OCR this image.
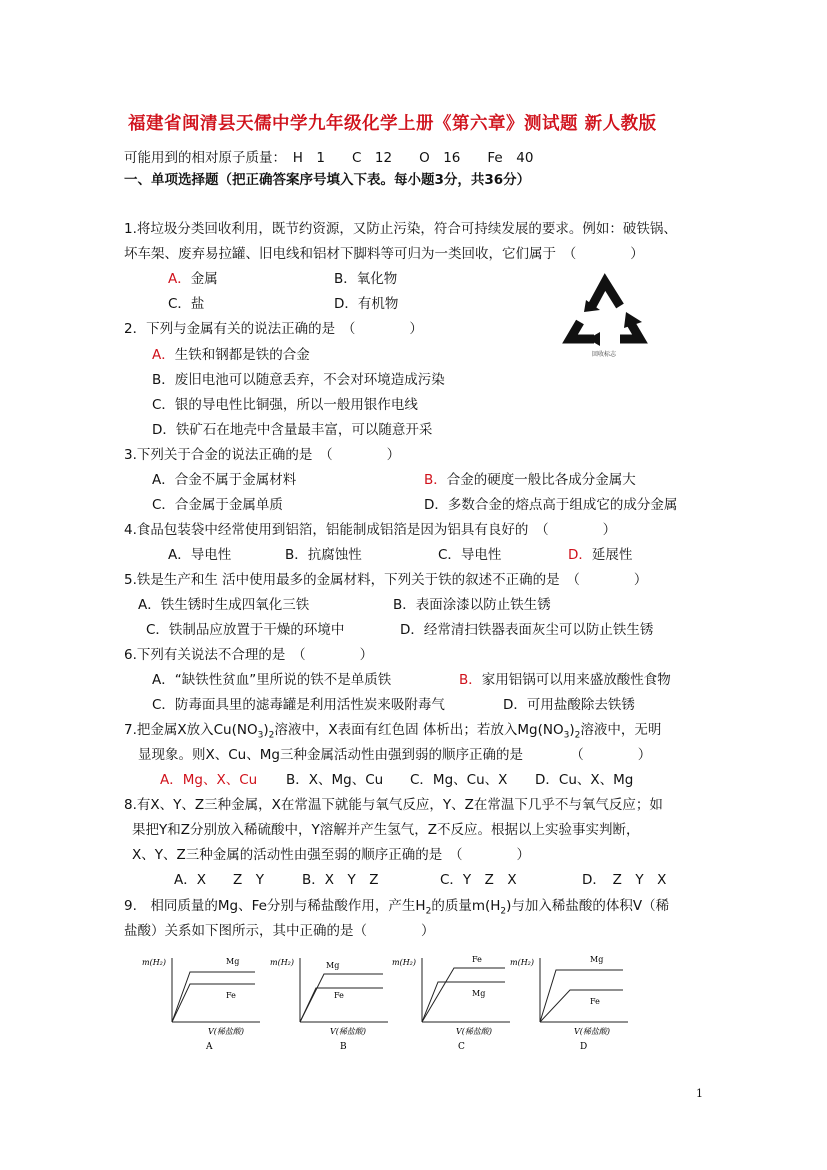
福建省闽清县天儒中学九年级化学上册《第六章》测试题 新人教版
可能用到的相对原子质量：　H　1　　C　12　　O　16　　Fe　40
一、单项选择题（把正确答案序号填入下表。每小题3分，共36分）
1.将垃圾分类回收利用，既节约资源，又防止污染，符合可持续发展的要求。例如：破铁锅、
坏车架、废弃易拉罐、旧电线和铝材下脚料等可归为一类回收，它们属于　（　　　　）
A．金属	B．氧化物
C．盐	D．有机物
回收标志
2．下列与金属有关的说法正确的是　（　　　　）
A．生铁和钢都是铁的合金
B．废旧电池可以随意丢弃，不会对环境造成污染
C．银的导电性比铜强，所以一般用银作电线
D．铁矿石在地壳中含量最丰富，可以随意开采
3.下列关于合金的说法正确的是　（　　　　）
A．合金不属于金属材料	B．合金的硬度一般比各成分金属大
C．合金属于金属单质	D．多数合金的熔点高于组成它的成分金属
4.食品包装袋中经常使用到铝箔，铝能制成铝箔是因为铝具有良好的　（　　　　）
A．导电性	B．抗腐蚀性	C．导电性	D．延展性
5.铁是生产和生 活中使用最多的金属材料，下列关于铁的叙述不正确的是　（　　　　）
A．铁生锈时生成四氧化三铁	B．表面涂漆以防止铁生锈
C．铁制品应放置于干燥的环境中	D．经常清扫铁器表面灰尘可以防止铁生锈
6.下列有关说法不合理的是　（　　　　）
A．“缺铁性贫血”里所说的铁不是单质铁	B．家用铝锅可以用来盛放酸性食物
C．防毒面具里的滤毒罐是利用活性炭来吸附毒气	D．可用盐酸除去铁锈
7.把金属X放入$Cu(NO_3)_2$溶液中，X表面有红色固 体析出；若放入$Mg(NO_3)_2$溶液中，无明
显现象。则X、Cu、Mg三种金属活动性由强到弱的顺序正确的是　　　　（　　　　）
A．Mg、X、Cu B．X、Mg、Cu C．Mg、Cu、X D．Cu、X、Mg
8.有X、Y、Z三种金属，X在常温下就能与氧气反应，Y、Z在常温下几乎不与氧气反应；如
果把Y和Z分别放入稀硫酸中，Y溶解并产生氢气，Z不反应。根据以上实验事实判断，
X、Y、Z三种金属的活动性由强至弱的顺序正确的是　（　　　　）
A．X　　Z　Y	B．X　Y　Z	C．Y　Z　X	D．　Z　Y　X
9.　相同质量的Mg、Fe分别与稀盐酸作用，产生$H_2$的质量$m(H_2)$与加入稀盐酸的体积V（稀
盐酸）关系如下图所示，其中正确的是（　　　　）
m(H₂)	Mg
Fe
V(稀盐酸)
A
m(H₂)	Mg
Fe
V(稀盐酸)
B
m(H₂)	Fe
Mg
V(稀盐酸)
C
m(H₂)	Mg
Fe
V(稀盐酸)
D
1
